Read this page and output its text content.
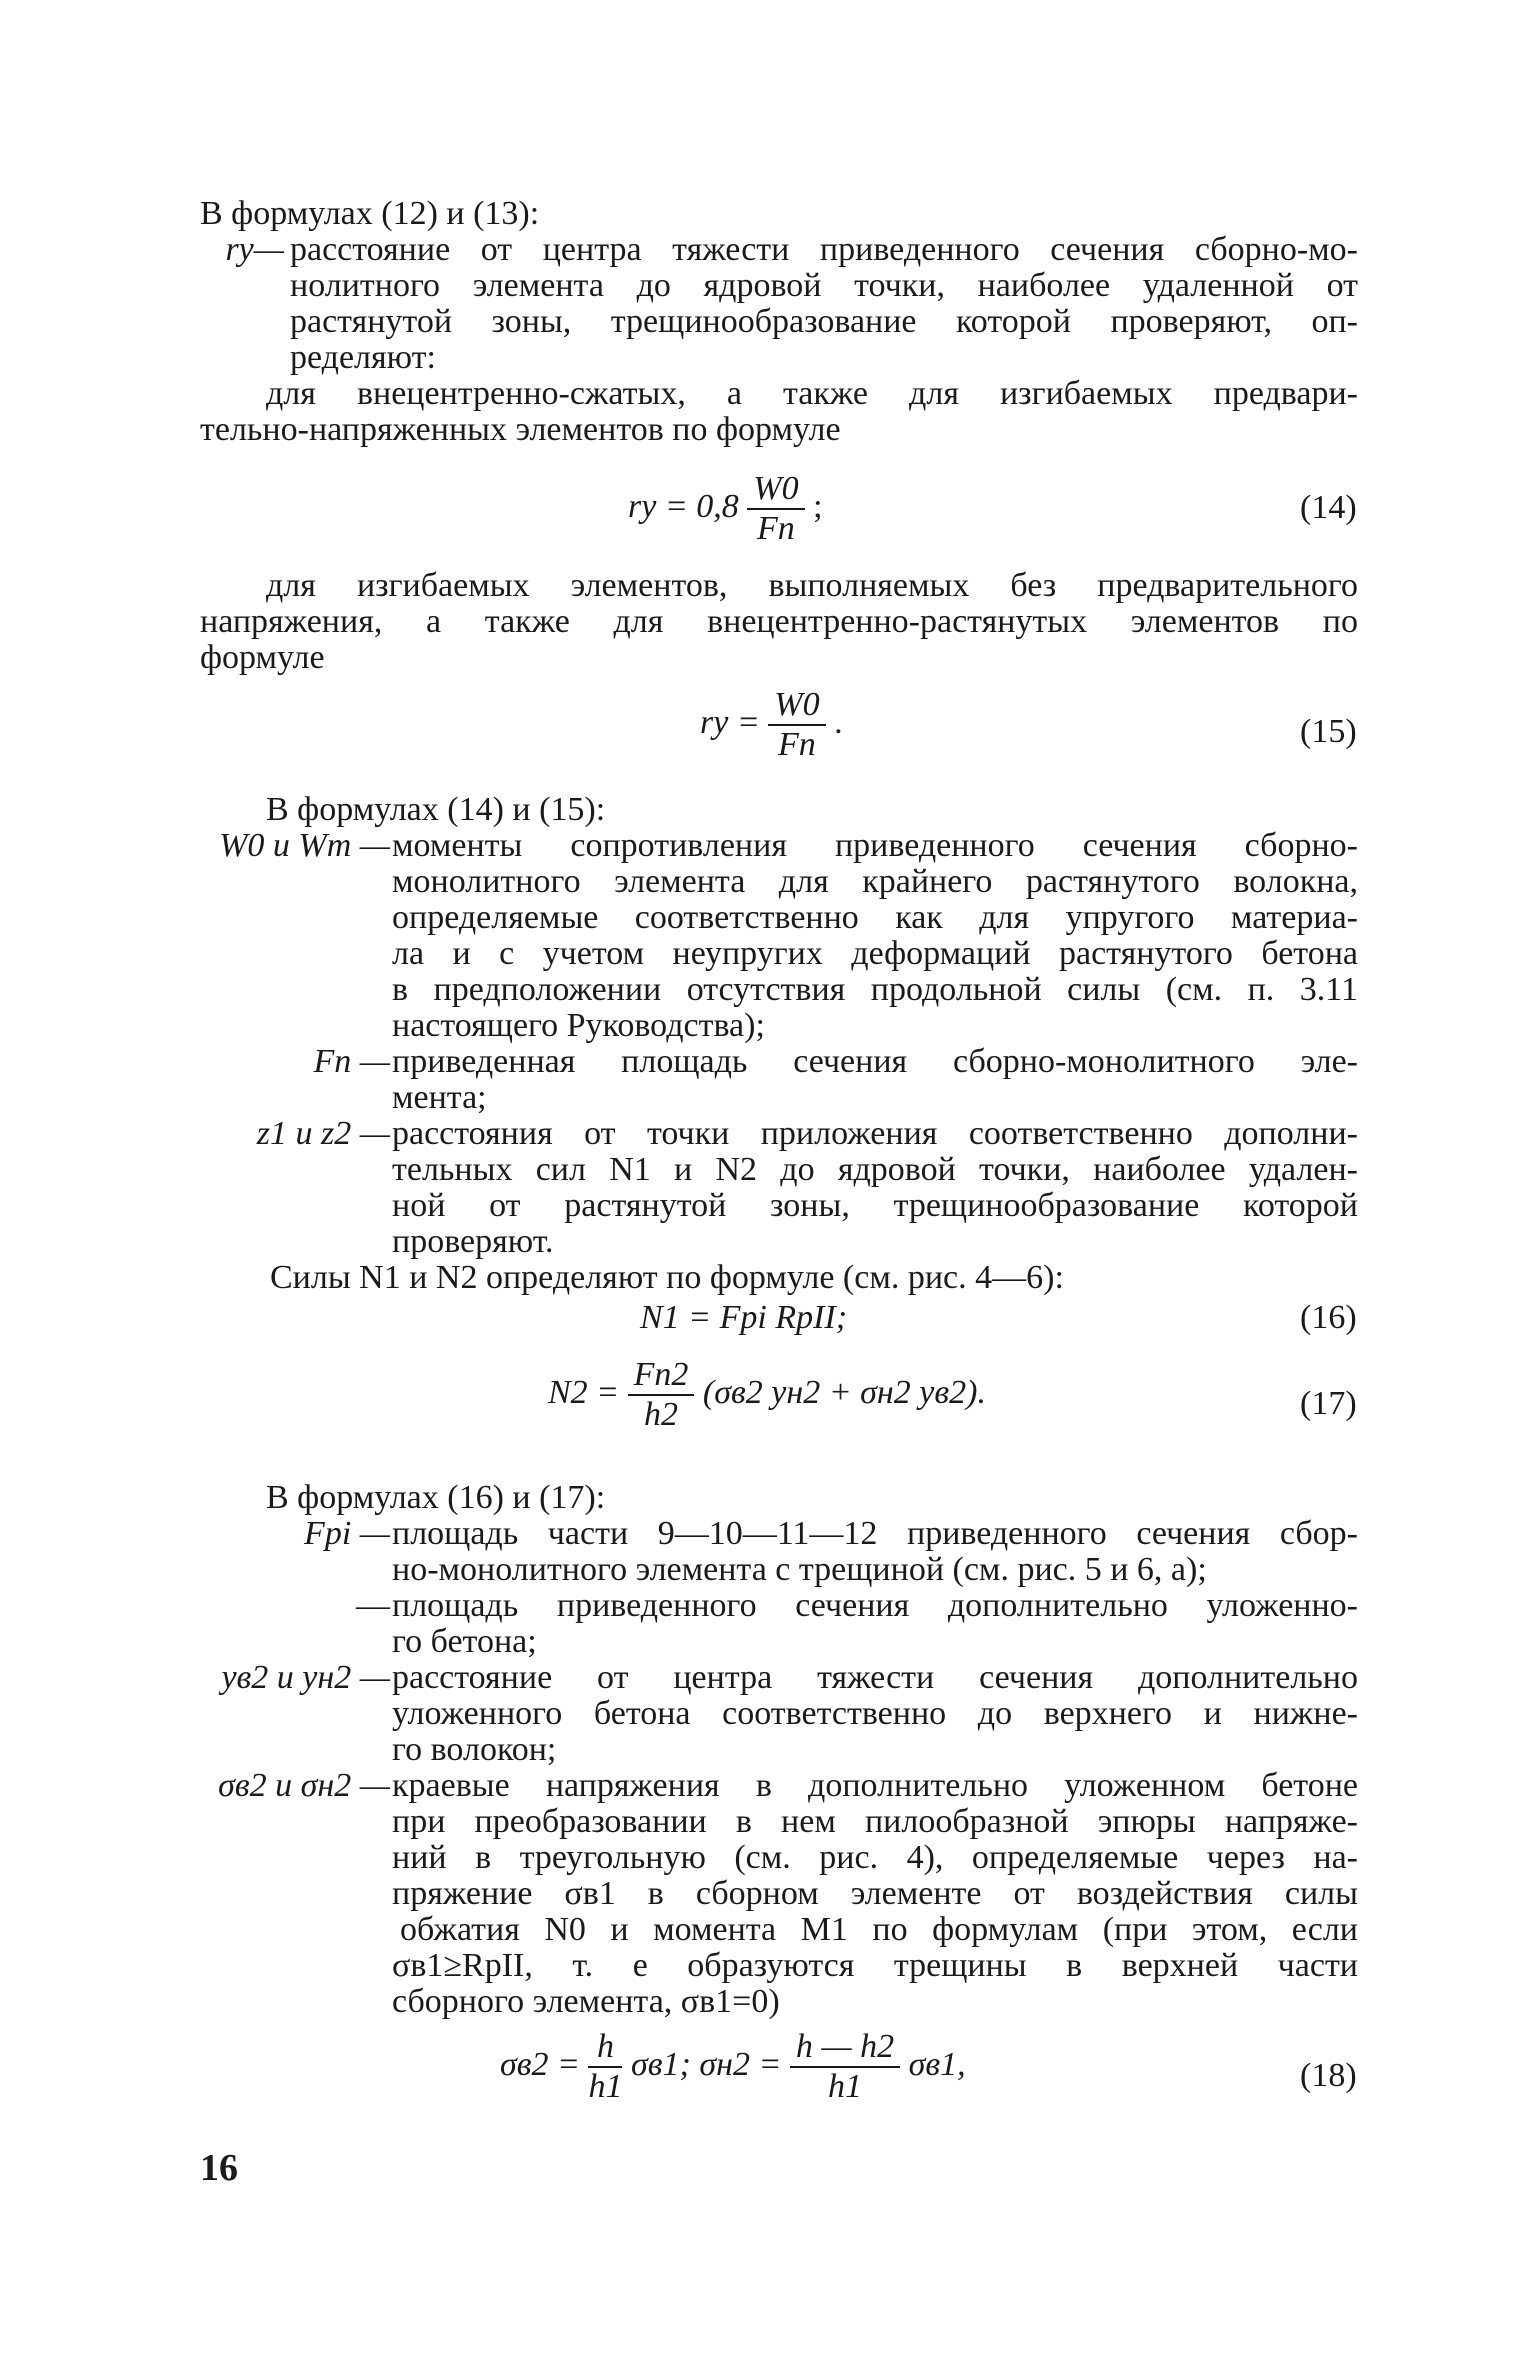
В формулах (12) и (13):
ry— расстояние от центра тяжести приведенного сечения сборно-мо-
нолитного элемента до ядровой точки, наиболее удаленной от
растянутой зоны, трещинообразование которой проверяют, оп-
ределяют:
для внецентренно-сжатых, а также для изгибаемых предвари-
тельно-напряженных элементов по формуле
ry = $0,8 \frac{W0}{Fп}$ ;	(14)
для изгибаемых элементов, выполняемых без предварительного
напряжения, а также для внецентренно-растянутых элементов по
формуле
ry = $\frac{W0}{Fп}$ .	(15)
В формулах (14) и (15):
W0 и Wт — моменты сопротивления приведенного сечения сборно-
монолитного элемента для крайнего растянутого волокна,
определяемые соответственно как для упругого материа-
ла и с учетом неупругих деформаций растянутого бетона
в предположении отсутствия продольной силы (см. п. 3.11
настоящего Руководства);
Fп — приведенная площадь сечения сборно-монолитного эле-
мента;
z1 и z2 — расстояния от точки приложения соответственно дополни-
тельных сил N1 и N2 до ядровой точки, наиболее удален-
ной от растянутой зоны, трещинообразование которой
проверяют.
Силы N1 и N2 определяют по формуле (см. рис. 4—6):
N1 = Fpi RpII;	(16)
$N2 = \frac{Fп2}{h2} (\sigma в2$ yн2 + σн2 yв2).	(17)
В формулах (16) и (17):
Fpi — площадь части 9—10—11—12 приведенного сечения сбор-
но-монолитного элемента с трещиной (см. рис. 5 и 6, а);
— площадь приведенного сечения дополнительно уложенно-
го бетона;
yв2 и yн2 — расстояние от центра тяжести сечения дополнительно
уложенного бетона соответственно до верхнего и нижне-
го волокон;
σв2 и σн2 — краевые напряжения в дополнительно уложенном бетоне
при преобразовании в нем пилообразной эпюры напряже-
ний в треугольную (см. рис. 4), определяемые через на-
пряжение σв1 в сборном элементе от воздействия силы
обжатия N0 и момента M1 по формулам (при этом, если
σв1≥RpII, т. е образуются трещины в верхней части
сборного элемента, σв1=0)
$\sigma в2 = \frac{h}{h1} \sigma в1$; $\sigma н2 = \frac{h — h2}{h1} \sigma в1$,	(18)
16
